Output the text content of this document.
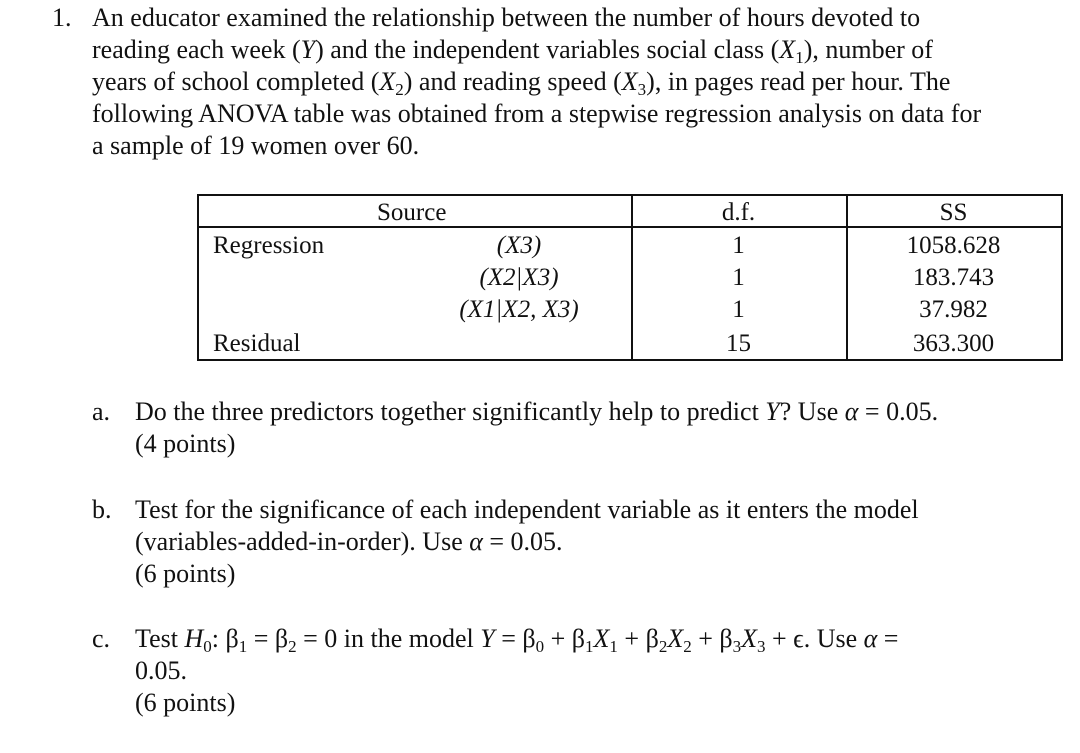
1. An educator examined the relationship between the number of hours devoted to
reading each week (Y) and the independent variables social class $(X_1)$, number of
years of school completed $(X_2)$ and reading speed $(X_3)$, in pages read per hour. The
following ANOVA table was obtained from a stepwise regression analysis on data for
a sample of 19 women over 60.
Source	d.f.	SS
Regression
Residual
(X3)
(X2|X3)
(X1|X2, X3)
1
1
1
15
1058.628
183.743
37.982
363.300
a. Do the three predictors together significantly help to predict Y? Use α = 0.05.
(4 points)
b. Test for the significance of each independent variable as it enters the model
(variables-added-in-order). Use α = 0.05.
(6 points)
c. Test $H_0$: $\beta_1 = \beta_2 = 0$ in the model $Y = \beta_0 + \beta_1X_1 + \beta_2X_2 + \beta_3X_3 + \epsilon$. Use α =
0.05.
(6 points)
